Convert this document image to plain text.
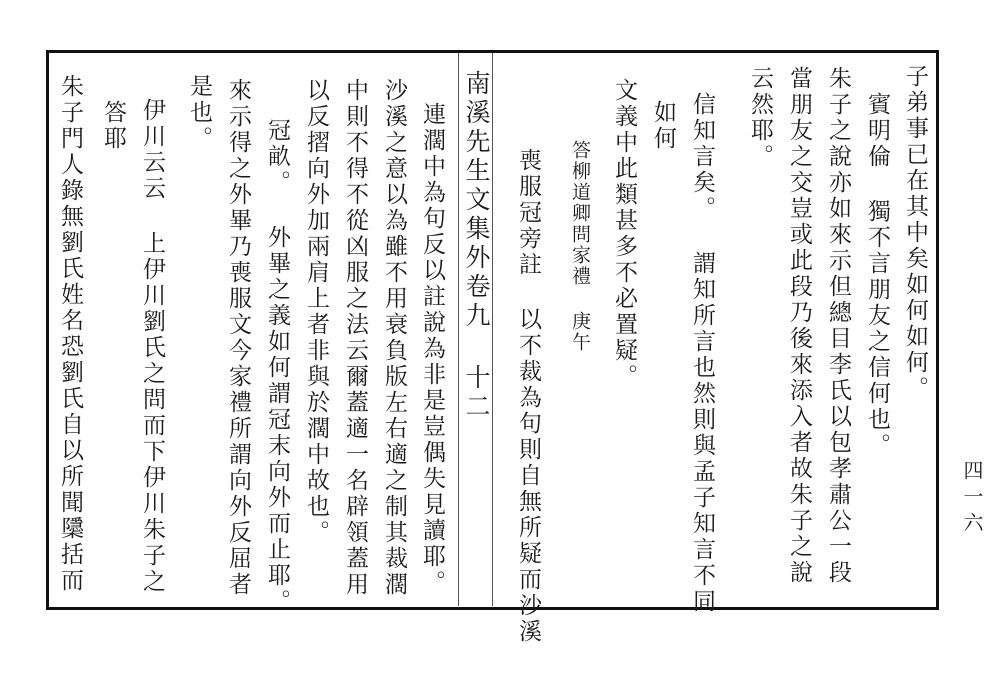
子弟事已在其中矣如何如何。
賓明倫 獨不言朋友之信何也。
朱子之說亦如來示但總目李氏以包孝肅公一段
當朋友之交豈或此段乃後來添入者故朱子之說
云然耶。
信知言矣。 謂知所言也然則與孟子知言不同
如何
文義中此類甚多不必置疑。
答柳道卿問家禮 庚午
喪服冠旁註 以不裁為句則自無所疑而沙溪
南溪先生文集外卷九 十二
連濶中為句反以註說為非是豈偶失見讀耶。
沙溪之意以為雖不用衰負版左右適之制其裁濶
中則不得不從凶服之法云爾蓋適一名辟領蓋用
以反摺向外加兩肩上者非與於濶中故也。
冠畝。 外畢之義如何謂冠末向外而止耶。
來示得之外畢乃喪服文今家禮所謂向外反屈者
是也。
伊川云云 上伊川劉氏之問而下伊川朱子之
答耶
朱子門人錄無劉氏姓名恐劉氏自以所聞櫽括而	四一六
